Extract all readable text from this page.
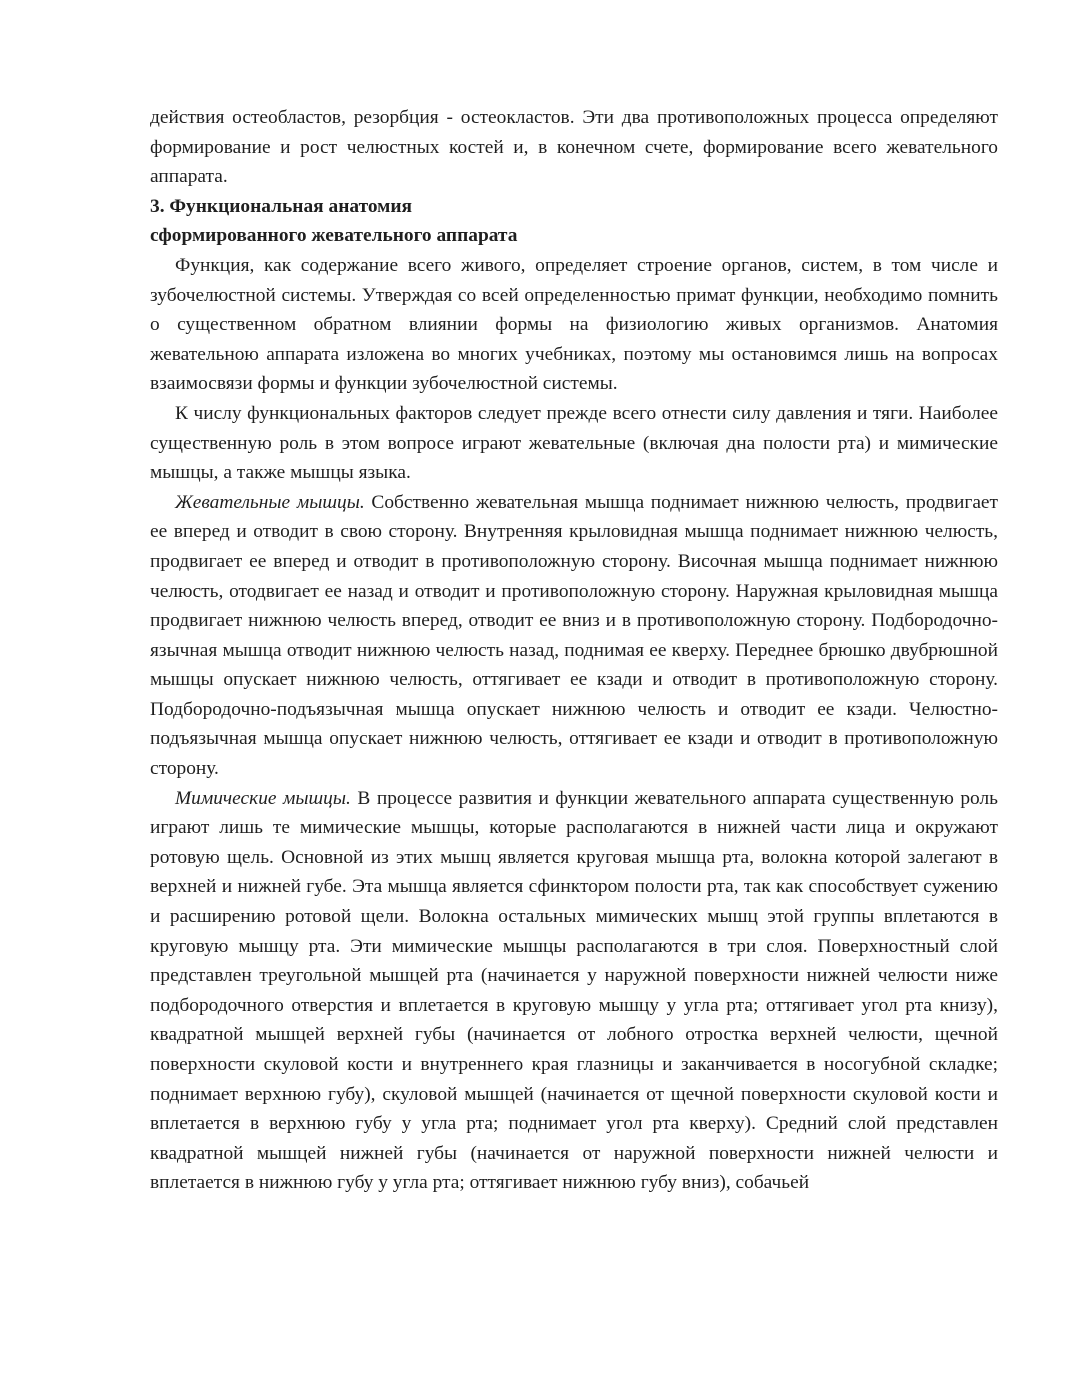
действия остеобластов, резорбция - остеокластов. Эти два противоположных процесса определяют формирование и рост челюстных костей и, в конечном счете, формирование всего жевательного аппарата.

3. Функциональная анатомия

сформированного жевательного аппарата

Функция, как содержание всего живого, определяет строение органов, систем, в том числе и зубочелюстной системы. Утверждая со всей определенностью примат функции, необходимо помнить о существенном обратном влиянии формы на физиологию живых организмов. Анатомия жевательною аппарата изложена во многих учебниках, поэтому мы остановимся лишь на вопросах взаимосвязи формы и функции зубочелюстной системы.

К числу функциональных факторов следует прежде всего отнести силу давления и тяги. Наиболее существенную роль в этом вопросе играют жевательные (включая дна полости рта) и мимические мышцы, а также мышцы языка.

Жевательные мышцы. Собственно жевательная мышца поднимает нижнюю челюсть, продвигает ее вперед и отводит в свою сторону. Внутренняя крыловидная мышца поднимает нижнюю челюсть, продвигает ее вперед и отводит в противоположную сторону. Височная мышца поднимает нижнюю челюсть, отодвигает ее назад и отводит и противоположную сторону. Наружная крыловидная мышца продвигает нижнюю челюсть вперед, отводит ее вниз и в противоположную сторону. Подбородочно-язычная мышца отводит нижнюю челюсть назад, поднимая ее кверху. Переднее брюшко двубрюшной мышцы опускает нижнюю челюсть, оттягивает ее кзади и отводит в противоположную сторону. Подбородочно-подъязычная мышца опускает нижнюю челюсть и отводит ее кзади. Челюстно-подъязычная мышца опускает нижнюю челюсть, оттягивает ее кзади и отводит в противоположную сторону.

Мимические мышцы. В процессе развития и функции жевательного аппарата существенную роль играют лишь те мимические мышцы, которые располагаются в нижней части лица и окружают ротовую щель. Основной из этих мышц является круговая мышца рта, волокна которой залегают в верхней и нижней губе. Эта мышца является сфинктором полости рта, так как способствует сужению и расширению ротовой щели. Волокна остальных мимических мышц этой группы вплетаются в круговую мышцу рта. Эти мимические мышцы располагаются в три слоя. Поверхностный слой представлен треугольной мышцей рта (начинается у наружной поверхности нижней челюсти ниже подбородочного отверстия и вплетается в круговую мышцу у угла рта; оттягивает угол рта книзу), квадратной мышцей верхней губы (начинается от лобного отростка верхней челюсти, щечной поверхности скуловой кости и внутреннего края глазницы и заканчивается в носогубной складке; поднимает верхнюю губу), скуловой мышцей (начинается от щечной поверхности скуловой кости и вплетается в верхнюю губу у угла рта; поднимает угол рта кверху). Средний слой представлен квадратной мышцей нижней губы (начинается от наружной поверхности нижней челюсти и вплетается в нижнюю губу у угла рта; оттягивает нижнюю губу вниз), собачьей
